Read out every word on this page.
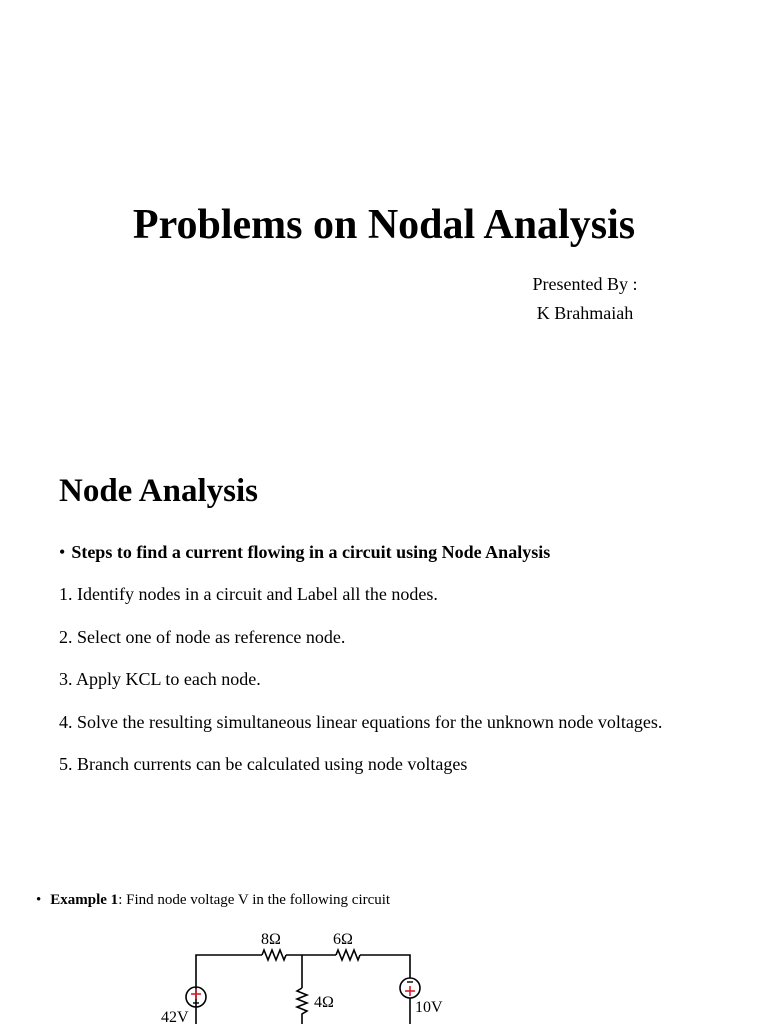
Problems on Nodal Analysis
Presented By :
K Brahmaiah
Node Analysis
• Steps to find a current flowing in a circuit using Node Analysis
1. Identify nodes in a circuit and Label all the nodes.
2. Select one of node as reference node.
3. Apply KCL to each node.
4. Solve the resulting simultaneous linear equations for the unknown node voltages.
5. Branch currents can be calculated using node voltages
• Example 1: Find node voltage V in the following circuit
8Ω	6Ω
4Ω
42V
10V
